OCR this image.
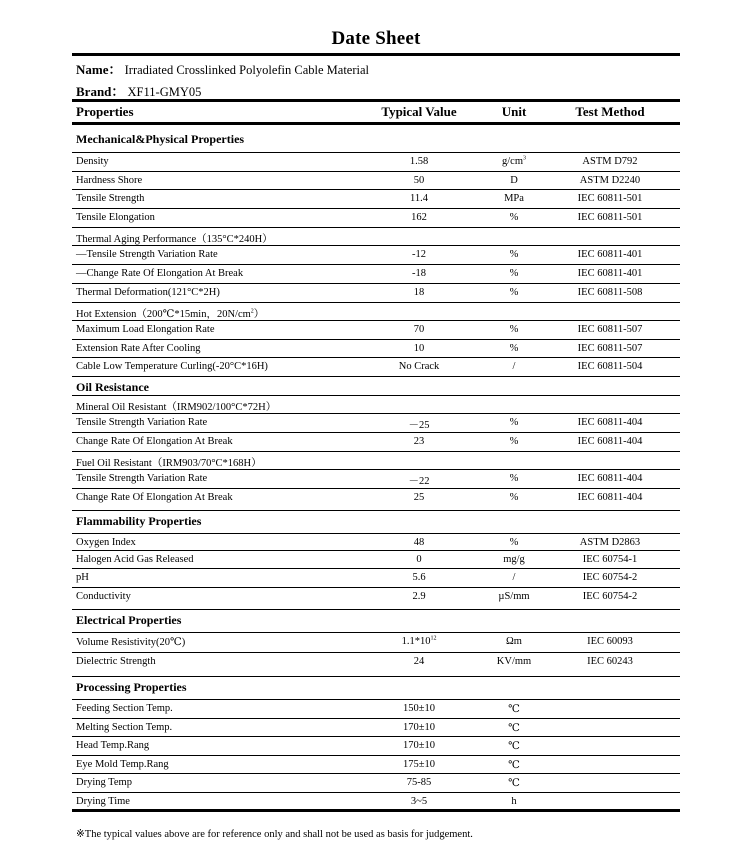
Date Sheet
Name： Irradiated Crosslinked Polyolefin Cable Material
Brand： XF11-GMY05
Properties	Typical Value	Unit	Test Method
Mechanical&Physical Properties
Density	1.58	$g/cm^3$	ASTM D792
Hardness Shore	50	D	ASTM D2240
Tensile Strength	11.4	MPa	IEC 60811-501
Tensile Elongation	162	%	IEC 60811-501
Thermal Aging Performance（135°C*240H）
—Tensile Strength Variation Rate	-12	%	IEC 60811-401
—Change Rate Of Elongation At Break	-18	%	IEC 60811-401
Thermal Deformation(121°C*2H)	18	%	IEC 60811-508
Hot Extension（200℃*15min，$20N/cm^2$）
Maximum Load Elongation Rate	70	%	IEC 60811-507
Extension Rate After Cooling	10	%	IEC 60811-507
Cable Low Temperature Curling(-20°C*16H)	No Crack	/	IEC 60811-504
Oil Resistance
Mineral Oil Resistant（IRM902/100°C*72H）
Tensile Strength Variation Rate	－25	%	IEC 60811-404
Change Rate Of Elongation At Break	23	%	IEC 60811-404
Fuel Oil Resistant（IRM903/70°C*168H）
Tensile Strength Variation Rate	－22	%	IEC 60811-404
Change Rate Of Elongation At Break	25	%	IEC 60811-404
Flammability Properties
Oxygen Index	48	%	ASTM D2863
Halogen Acid Gas Released	0	mg/g	IEC 60754-1
pH	5.6	/	IEC 60754-2
Conductivity	2.9	µS/mm	IEC 60754-2
Electrical Properties
Volume Resistivity(20℃)	$1.1*10^{12}$	Ωm	IEC 60093
Dielectric Strength	24	KV/mm	IEC 60243
Processing Properties
Feeding Section Temp.	150±10	℃
Melting Section Temp.	170±10	℃
Head Temp.Rang	170±10	℃
Eye Mold Temp.Rang	175±10	℃
Drying Temp	75-85	℃
Drying Time	3~5	h
※The typical values above are for reference only and shall not be used as basis for judgement.
